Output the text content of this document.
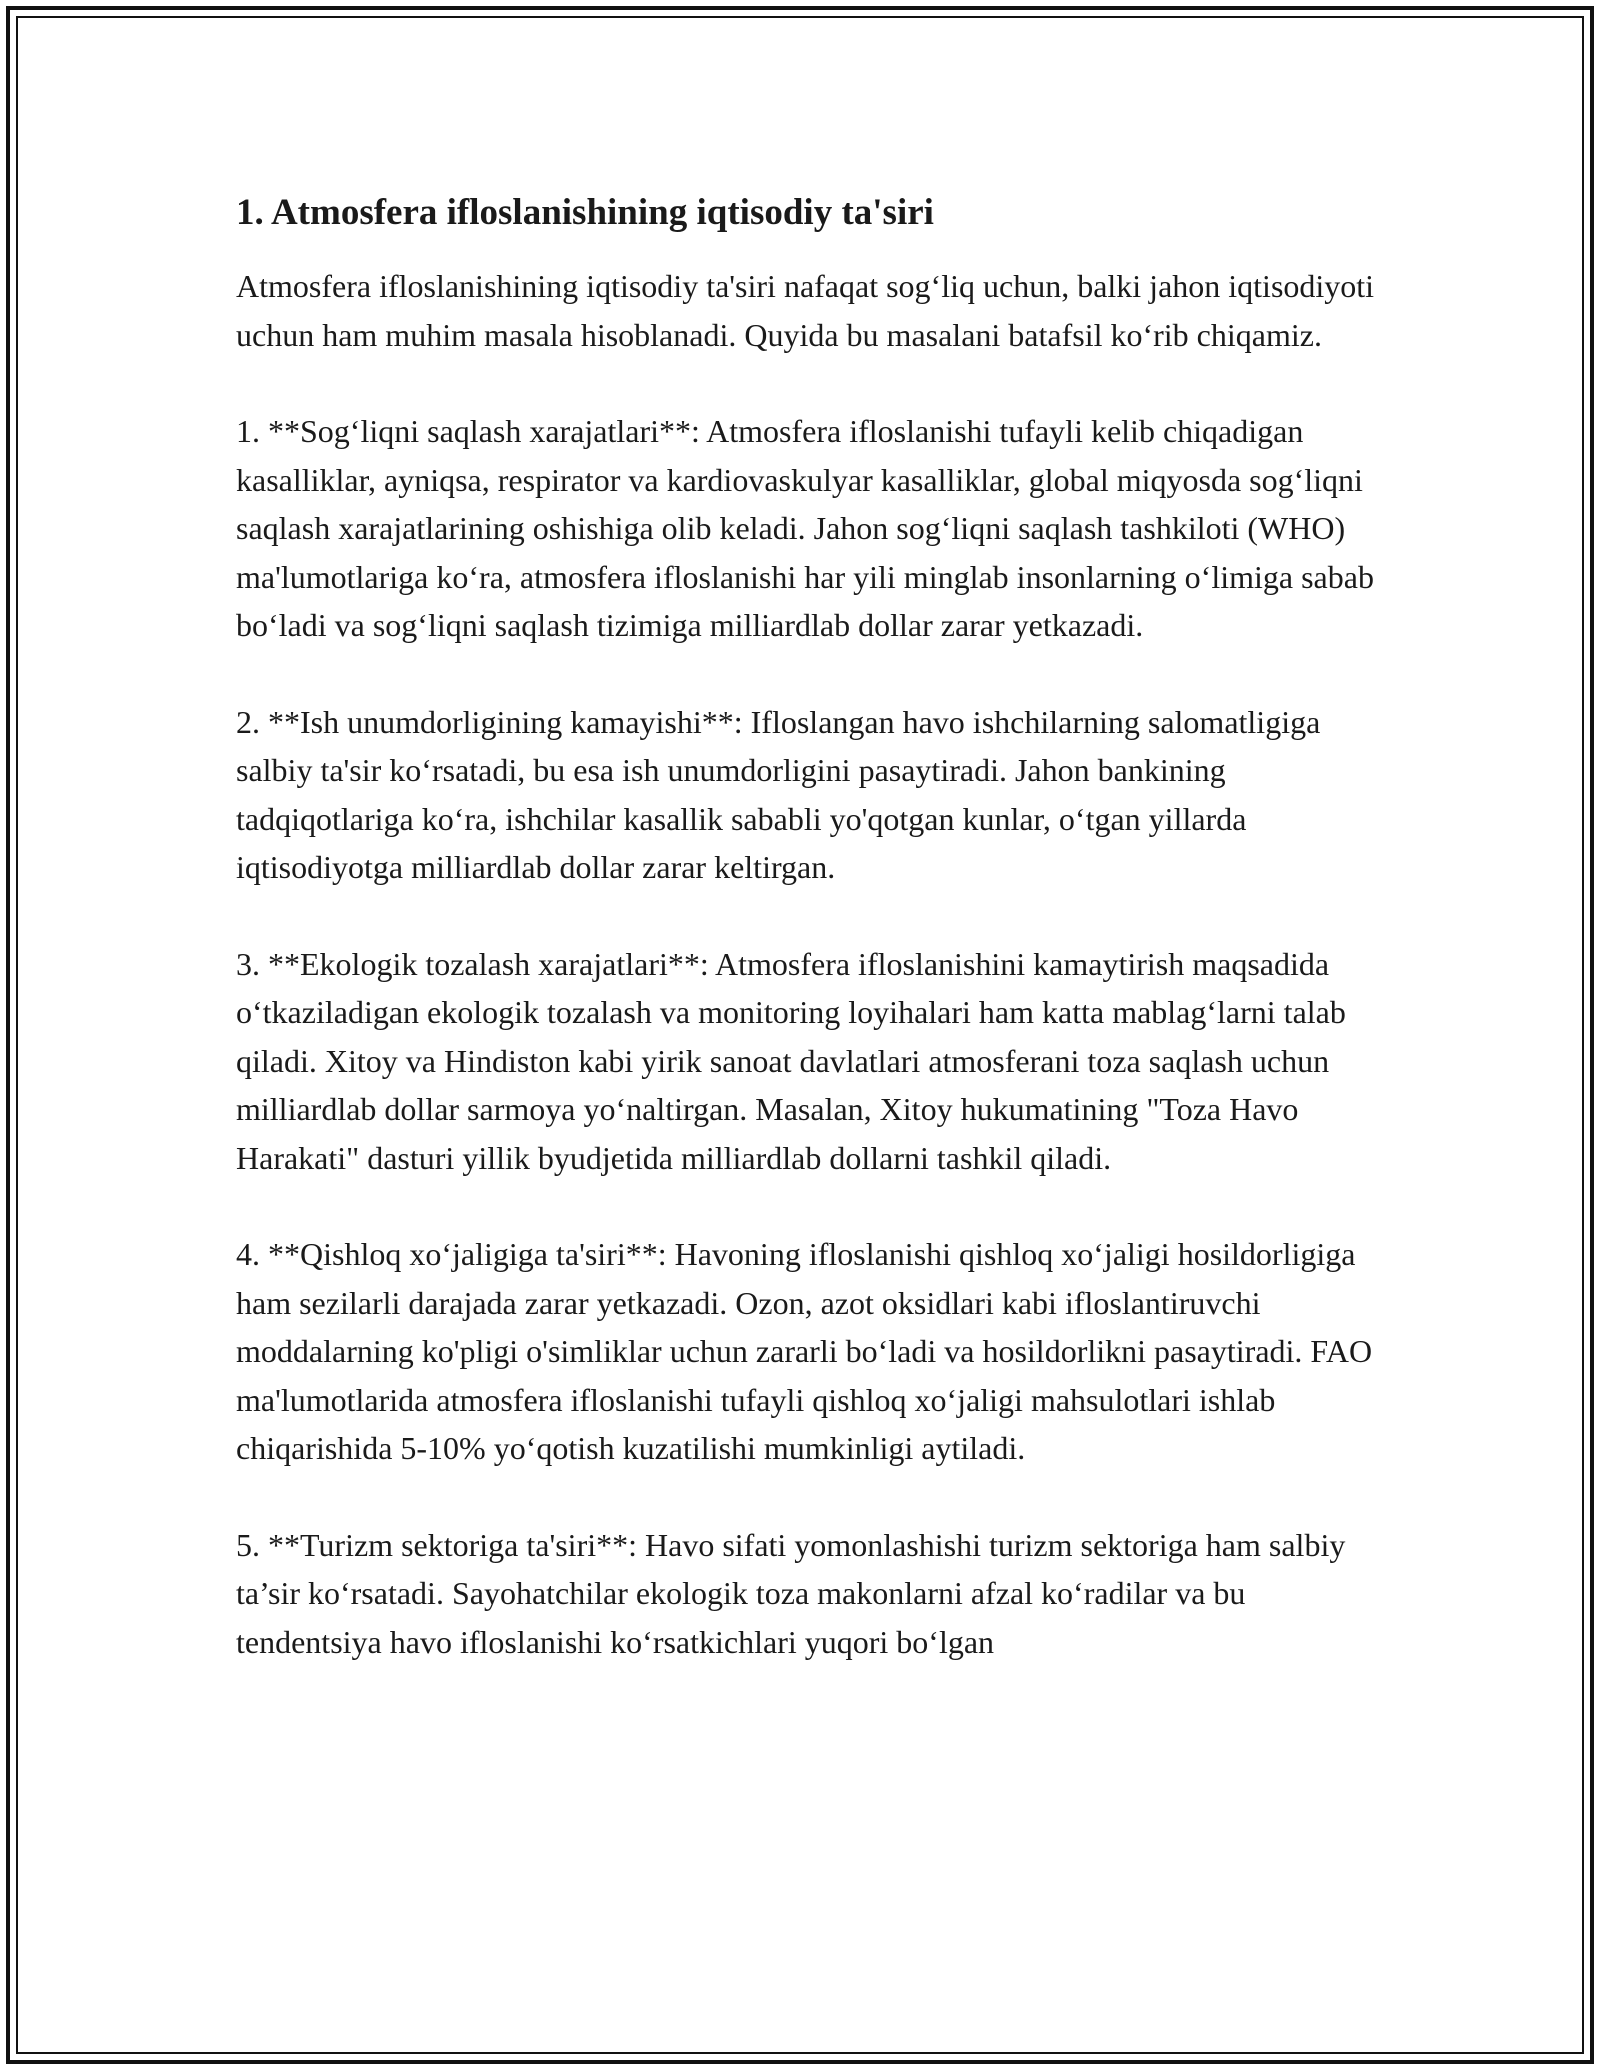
1. Atmosfera ifloslanishining iqtisodiy ta'siri

Atmosfera ifloslanishining iqtisodiy ta'siri nafaqat sog‘liq uchun, balki jahon iqtisodiyoti uchun ham muhim masala hisoblanadi. Quyida bu masalani batafsil ko‘rib chiqamiz.

1. **Sog‘liqni saqlash xarajatlari**: Atmosfera ifloslanishi tufayli kelib chiqadigan kasalliklar, ayniqsa, respirator va kardiovaskulyar kasalliklar, global miqyosda sog‘liqni saqlash xarajatlarining oshishiga olib keladi. Jahon sog‘liqni saqlash tashkiloti (WHO) ma'lumotlariga ko‘ra, atmosfera ifloslanishi har yili minglab insonlarning o‘limiga sabab bo‘ladi va sog‘liqni saqlash tizimiga milliardlab dollar zarar yetkazadi.

2. **Ish unumdorligining kamayishi**: Ifloslangan havo ishchilarning salomatligiga salbiy ta'sir ko‘rsatadi, bu esa ish unumdorligini pasaytiradi. Jahon bankining tadqiqotlariga ko‘ra, ishchilar kasallik sababli yo'qotgan kunlar, o‘tgan yillarda iqtisodiyotga milliardlab dollar zarar keltirgan.

3. **Ekologik tozalash xarajatlari**: Atmosfera ifloslanishini kamaytirish maqsadida o‘tkaziladigan ekologik tozalash va monitoring loyihalari ham katta mablag‘larni talab qiladi. Xitoy va Hindiston kabi yirik sanoat davlatlari atmosferani toza saqlash uchun milliardlab dollar sarmoya yo‘naltirgan. Masalan, Xitoy hukumatining "Toza Havo Harakati" dasturi yillik byudjetida milliardlab dollarni tashkil qiladi.

4. **Qishloq xo‘jaligiga ta'siri**: Havoning ifloslanishi qishloq xo‘jaligi hosildorligiga ham sezilarli darajada zarar yetkazadi. Ozon, azot oksidlari kabi ifloslantiruvchi moddalarning ko'pligi o'simliklar uchun zararli bo‘ladi va hosildorlikni pasaytiradi. FAO ma'lumotlarida atmosfera ifloslanishi tufayli qishloq xo‘jaligi mahsulotlari ishlab chiqarishida 5-10% yo‘qotish kuzatilishi mumkinligi aytiladi.

5. **Turizm sektoriga ta'siri**: Havo sifati yomonlashishi turizm sektoriga ham salbiy ta’sir ko‘rsatadi. Sayohatchilar ekologik toza makonlarni afzal ko‘radilar va bu tendentsiya havo ifloslanishi ko‘rsatkichlari yuqori bo‘lgan
